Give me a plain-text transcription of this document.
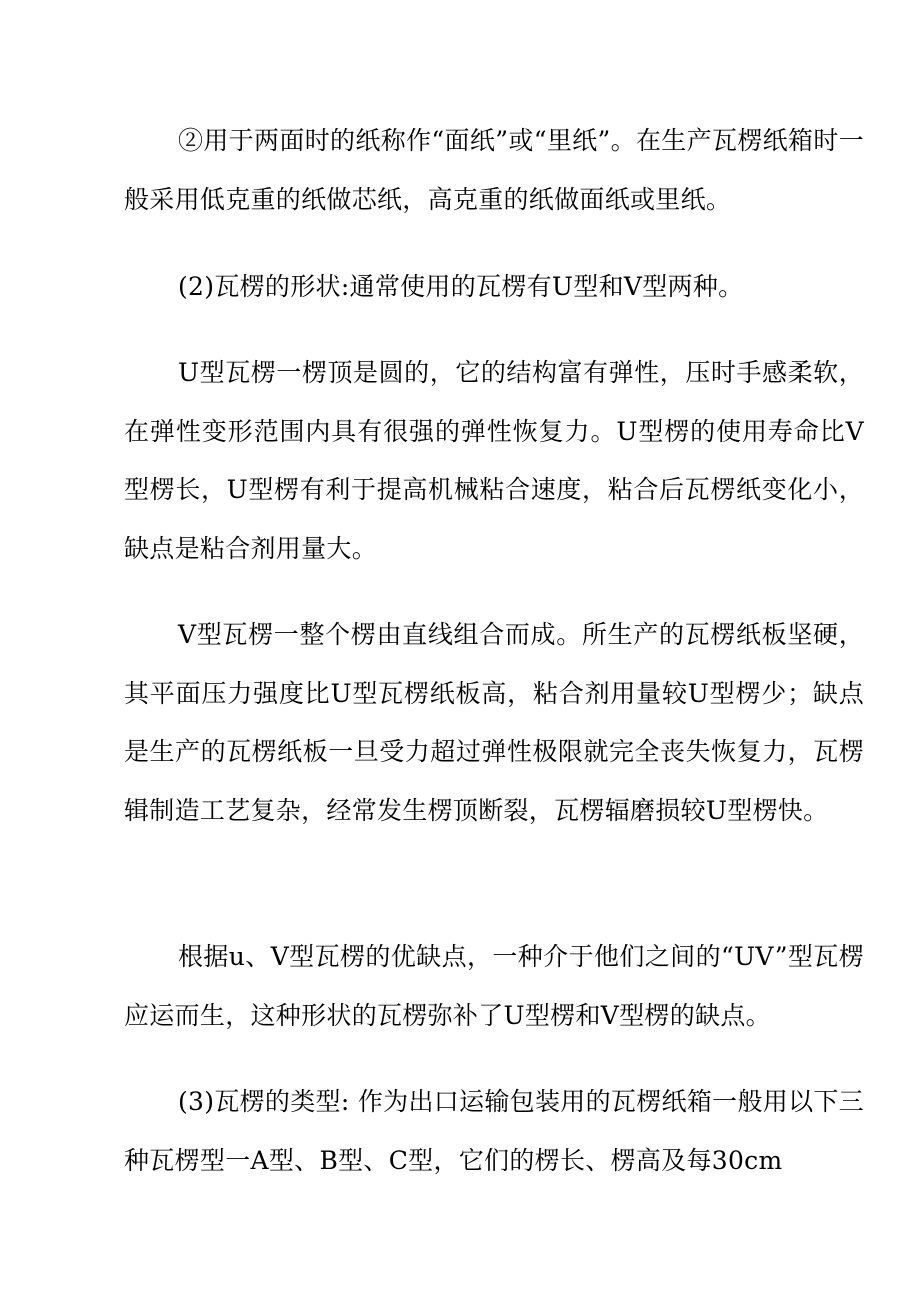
②用于两面时的纸称作“面纸”或“里纸”。在生产瓦楞纸箱时一般采用低克重的纸做芯纸，高克重的纸做面纸或里纸。

(2)瓦楞的形状:通常使用的瓦楞有U型和V型两种。

U型瓦楞一楞顶是圆的，它的结构富有弹性，压时手感柔软，在弹性变形范围内具有很强的弹性恢复力。U型楞的使用寿命比V型楞长，U型楞有利于提高机械粘合速度，粘合后瓦楞纸变化小，缺点是粘合剂用量大。

V型瓦楞一整个楞由直线组合而成。所生产的瓦楞纸板坚硬，其平面压力强度比U型瓦楞纸板高，粘合剂用量较U型楞少；缺点是生产的瓦楞纸板一旦受力超过弹性极限就完全丧失恢复力，瓦楞辑制造工艺复杂，经常发生楞顶断裂，瓦楞辐磨损较U型楞快。

根据u、V型瓦楞的优缺点，一种介于他们之间的“UV”型瓦楞应运而生，这种形状的瓦楞弥补了U型楞和V型楞的缺点。

(3)瓦楞的类型: 作为出口运输包装用的瓦楞纸箱一般用以下三种瓦楞型一A型、B型、C型，它们的楞长、楞高及每30cm
